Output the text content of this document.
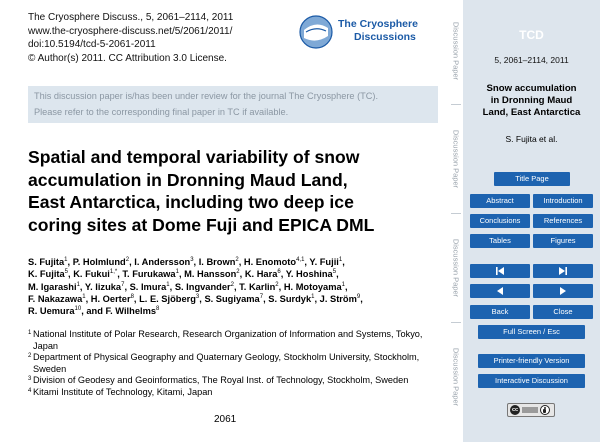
The Cryosphere Discuss., 5, 2061–2114, 2011
www.the-cryosphere-discuss.net/5/2061/2011/
doi:10.5194/tcd-5-2061-2011
© Author(s) 2011. CC Attribution 3.0 License.
The Cryosphere
Discussions
This discussion paper is/has been under review for the journal The Cryosphere (TC).
Please refer to the corresponding final paper in TC if available.
Spatial and temporal variability of snow
accumulation in Dronning Maud Land,
East Antarctica, including two deep ice
coring sites at Dome Fuji and EPICA DML
S. Fujita$^1$, P. Holmlund$^2$, I. Andersson$^3$, I. Brown$^2$, H. Enomoto$^{4,1}$, Y. Fujii$^1$,
K. Fujita$^5$, K. Fukui$^{1,*}$, T. Furukawa$^1$, M. Hansson$^2$, K. Hara$^6$, Y. Hoshina$^5$,
M. Igarashi$^1$, Y. Iizuka$^7$, S. Imura$^1$, S. Ingvander$^2$, T. Karlin$^2$, H. Motoyama$^1$,
F. Nakazawa$^1$, H. Oerter$^8$, L. E. Sjöberg$^3$, S. Sugiyama$^7$, S. Surdyk$^1$, J. Ström$^9$,
R. Uemura$^{10}$, and F. Wilhelms$^8$
1 National Institute of Polar Research, Research Organization of Information and Systems, Tokyo, Japan
2 Department of Physical Geography and Quaternary Geology, Stockholm University, Stockholm, Sweden
3 Division of Geodesy and Geoinformatics, The Royal Inst. of Technology, Stockholm, Sweden
4 Kitami Institute of Technology, Kitami, Japan
2061
Discussion Paper
Discussion Paper
Discussion Paper
Discussion Paper
TCD
5, 2061–2114, 2011
Snow accumulation
in Dronning Maud
Land, East Antarctica
S. Fujita et al.
Title Page
Abstract	Introduction
Conclusions	References
Tables	Figures
Back	Close
Full Screen / Esc
Printer-friendly Version
Interactive Discussion
cc
